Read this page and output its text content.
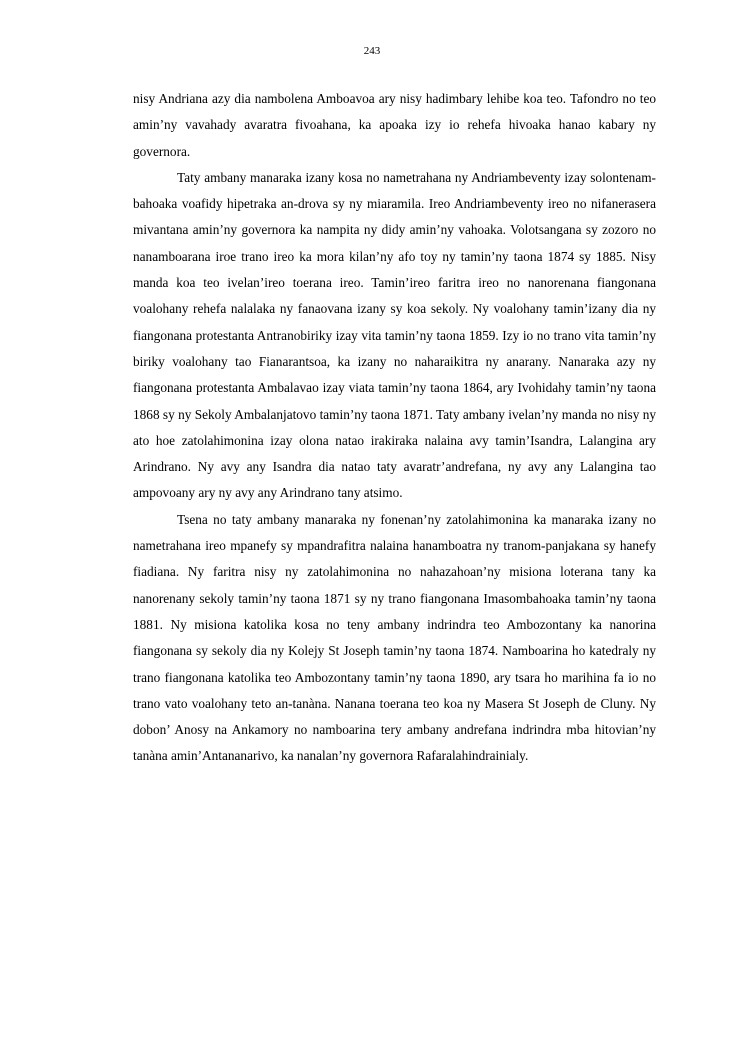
243

nisy Andriana azy dia nambolena Amboavoa ary nisy hadimbary lehibe koa teo. Tafondro no teo amin’ny vavahady avaratra fivoahana, ka apoaka izy io rehefa hivoaka hanao kabary ny governora.

Taty ambany manaraka izany kosa no nametrahana ny Andriambeventy izay solontenam-bahoaka voafidy hipetraka an-drova sy ny miaramila. Ireo Andriambeventy ireo no nifanerasera mivantana amin’ny governora ka nampita ny didy amin’ny vahoaka. Volotsangana sy zozoro no nanamboarana iroe trano ireo ka mora kilan’ny afo toy ny tamin’ny taona 1874 sy 1885. Nisy manda koa teo ivelan’ireo toerana ireo. Tamin’ireo faritra ireo no nanorenana fiangonana voalohany rehefa nalalaka ny fanaovana izany sy koa sekoly. Ny voalohany tamin’izany dia ny fiangonana protestanta Antranobiriky izay vita tamin’ny taona 1859. Izy io no trano vita tamin’ny biriky voalohany tao Fianarantsoa, ka izany no naharaikitra ny anarany. Nanaraka azy ny fiangonana protestanta Ambalavao izay viata tamin’ny taona 1864, ary Ivohidahy tamin’ny taona 1868 sy ny Sekoly Ambalanjatovo tamin’ny taona 1871. Taty ambany ivelan’ny manda no nisy ny ato hoe zatolahimonina izay olona natao irakiraka nalaina avy tamin’Isandra, Lalangina ary Arindrano. Ny avy any Isandra dia natao taty avaratr’andrefana, ny avy any Lalangina tao ampovoany ary ny avy any Arindrano tany atsimo.

Tsena no taty ambany manaraka ny fonenan’ny zatolahimonina ka manaraka izany no nametrahana ireo mpanefy sy mpandrafitra nalaina hanamboatra ny tranom-panjakana sy hanefy fiadiana. Ny faritra nisy ny zatolahimonina no nahazahoan’ny misiona loterana tany ka nanorenany sekoly tamin’ny taona 1871 sy ny trano fiangonana Imasombahoaka tamin’ny taona 1881. Ny misiona katolika kosa no teny ambany indrindra teo Ambozontany ka nanorina fiangonana sy sekoly dia ny Kolejy St Joseph tamin’ny taona 1874. Namboarina ho katedraly ny trano fiangonana katolika teo Ambozontany tamin’ny taona 1890, ary tsara ho marihina fa io no trano vato voalohany teto an-tanàna. Nanana toerana teo koa ny Masera St Joseph de Cluny. Ny dobon’ Anosy na Ankamory no namboarina tery ambany andrefana indrindra mba hitovian’ny tanàna amin’Antananarivo, ka nanalan’ny governora Rafaralahindrainialy.
